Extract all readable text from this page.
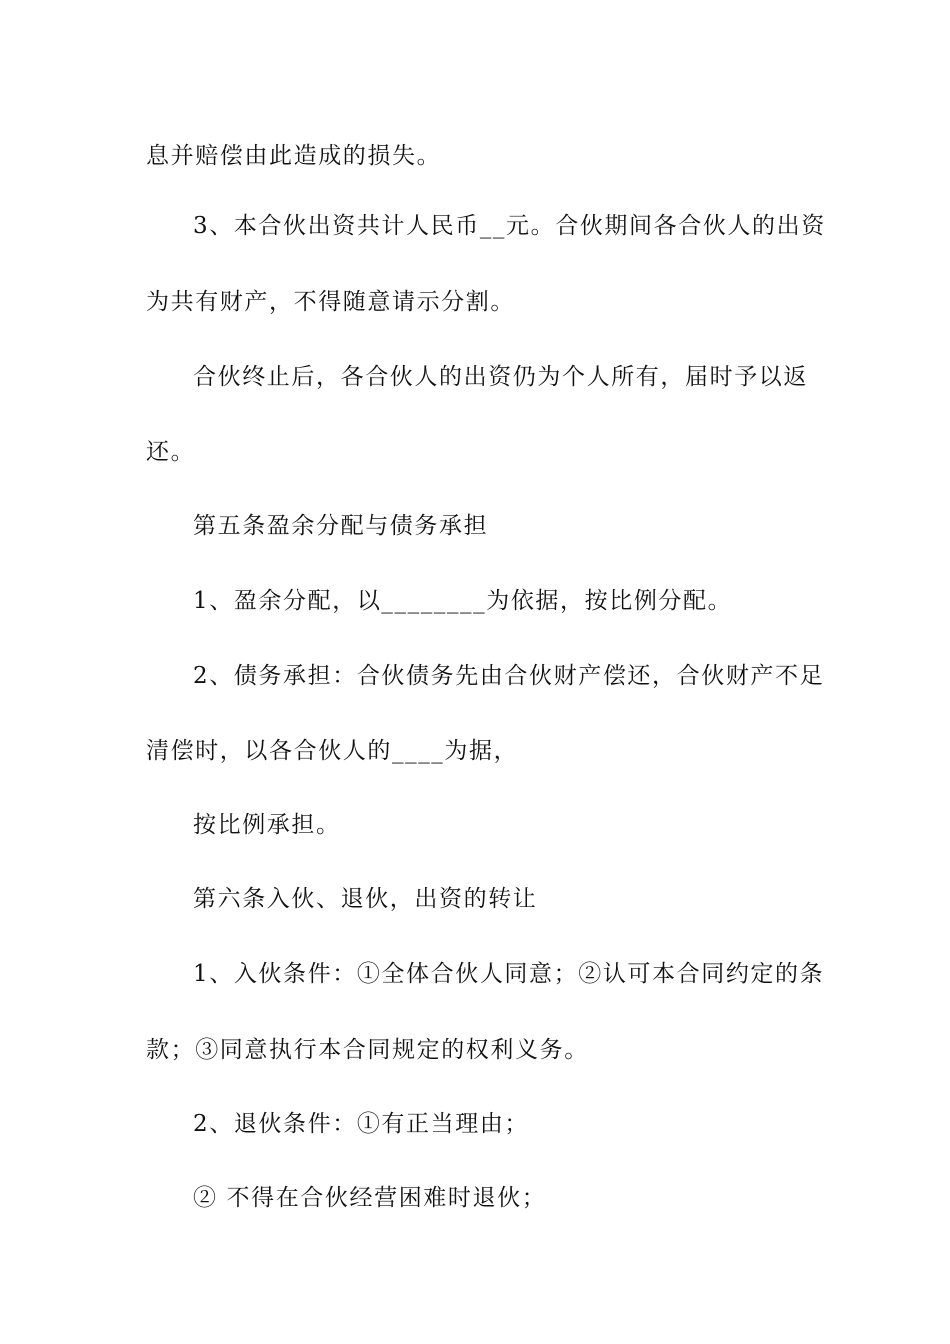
息并赔偿由此造成的损失。

3、本合伙出资共计人民币__元。合伙期间各合伙人的出资

为共有财产，不得随意请示分割。

合伙终止后，各合伙人的出资仍为个人所有，届时予以返

还。

第五条盈余分配与债务承担

1、盈余分配，以________为依据，按比例分配。

2、债务承担：合伙债务先由合伙财产偿还，合伙财产不足

清偿时，以各合伙人的____为据，

按比例承担。

第六条入伙、退伙，出资的转让

1、入伙条件：①全体合伙人同意；②认可本合同约定的条

款；③同意执行本合同规定的权利义务。

2、退伙条件：①有正当理由；

② 不得在合伙经营困难时退伙；
